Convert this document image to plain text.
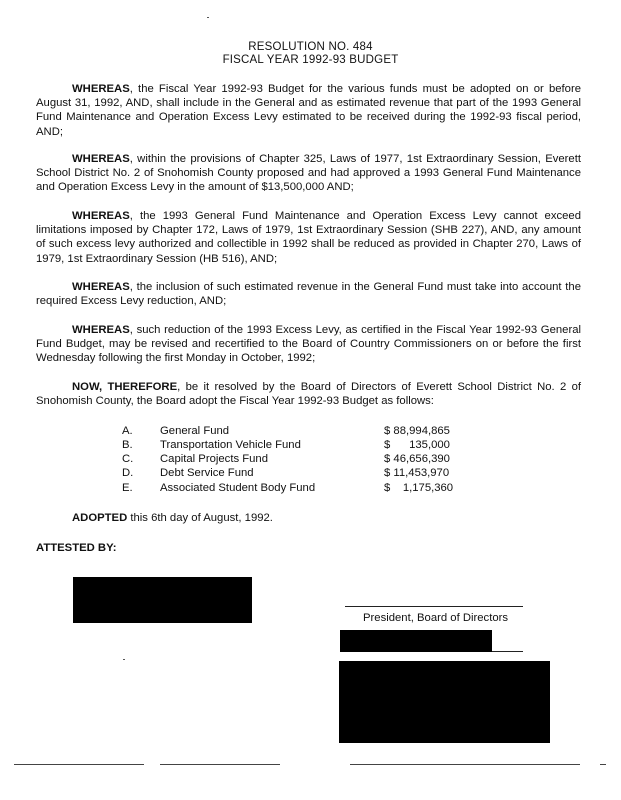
RESOLUTION NO. 484
FISCAL YEAR 1992-93 BUDGET
WHEREAS, the Fiscal Year 1992-93 Budget for the various funds must be adopted on or before August 31, 1992, AND, shall include in the General and as estimated revenue that part of the 1993 General Fund Maintenance and Operation Excess Levy estimated to be received during the 1992-93 fiscal period, AND;
WHEREAS, within the provisions of Chapter 325, Laws of 1977, 1st Extraordinary Session, Everett School District No. 2 of Snohomish County proposed and had approved a 1993 General Fund Maintenance and Operation Excess Levy in the amount of $13,500,000 AND;
WHEREAS, the 1993 General Fund Maintenance and Operation Excess Levy cannot exceed limitations imposed by Chapter 172, Laws of 1979, 1st Extraordinary Session (SHB 227), AND, any amount of such excess levy authorized and collectible in 1992 shall be reduced as provided in Chapter 270, Laws of 1979, 1st Extraordinary Session (HB 516), AND;
WHEREAS, the inclusion of such estimated revenue in the General Fund must take into account the required Excess Levy reduction, AND;
WHEREAS, such reduction of the 1993 Excess Levy, as certified in the Fiscal Year 1992-93 General Fund Budget, may be revised and recertified to the Board of Country Commissioners on or before the first Wednesday following the first Monday in October, 1992;
NOW, THEREFORE, be it resolved by the Board of Directors of Everett School District No. 2 of Snohomish County, the Board adopt the Fiscal Year 1992-93 Budget as follows:
A. General Fund	$ 88,994,865
B. Transportation Vehicle Fund	$      135,000
C. Capital Projects Fund	$ 46,656,390
D. Debt Service Fund	$ 11,453,970
E. Associated Student Body Fund	$    1,175,360
ADOPTED this 6th day of August, 1992.
ATTESTED BY:
President, Board of Directors
